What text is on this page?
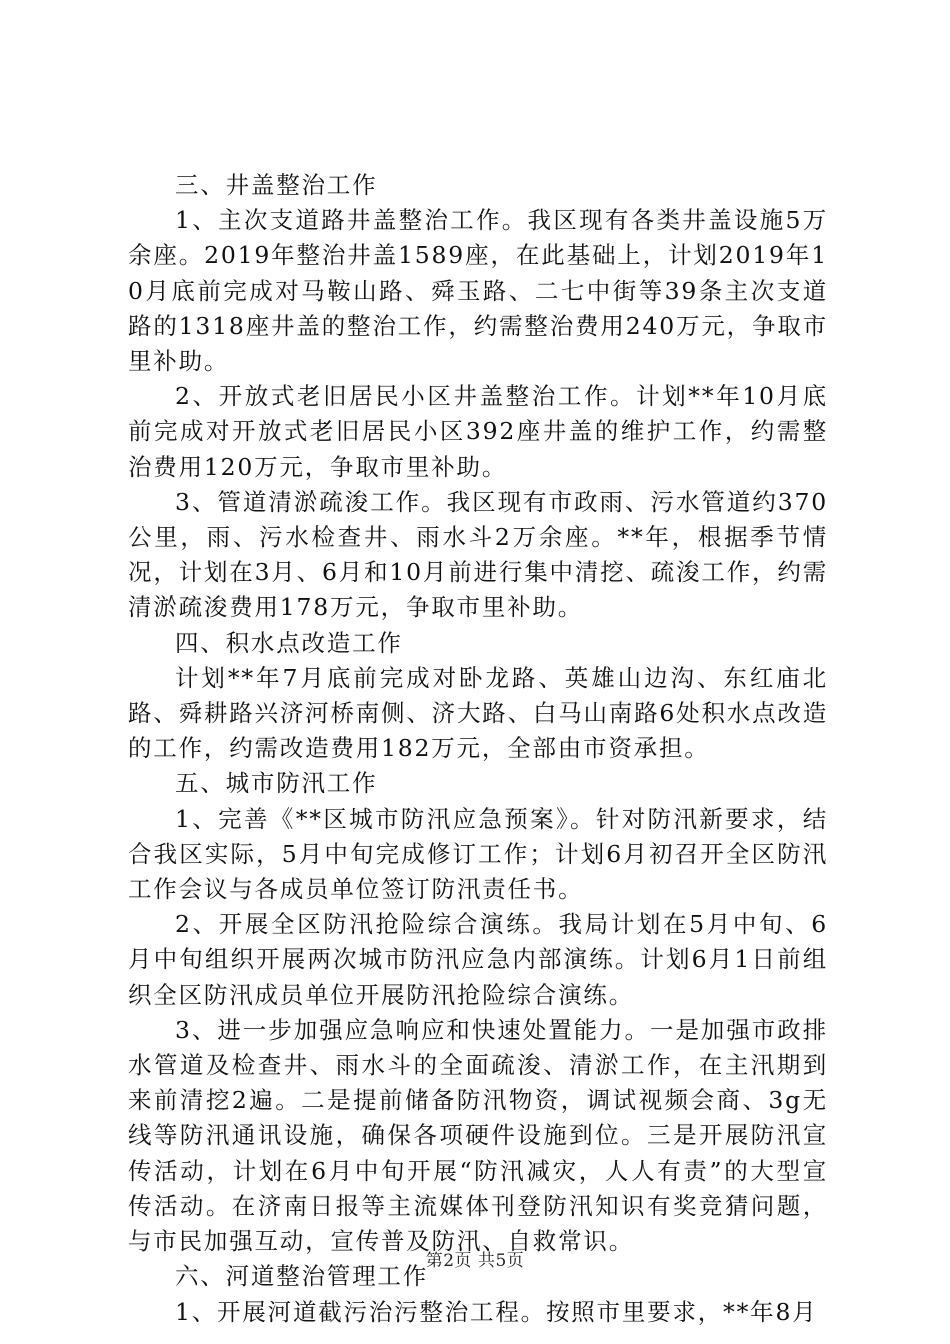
三、井盖整治工作

1、主次支道路井盖整治工作。我区现有各类井盖设施5万余座。2019年整治井盖1589座，在此基础上，计划2019年10月底前完成对马鞍山路、舜玉路、二七中街等39条主次支道路的1318座井盖的整治工作，约需整治费用240万元，争取市里补助。

2、开放式老旧居民小区井盖整治工作。计划**年10月底前完成对开放式老旧居民小区392座井盖的维护工作，约需整治费用120万元，争取市里补助。

3、管道清淤疏浚工作。我区现有市政雨、污水管道约370公里，雨、污水检查井、雨水斗2万余座。**年，根据季节情况，计划在3月、6月和10月前进行集中清挖、疏浚工作，约需清淤疏浚费用178万元，争取市里补助。

四、积水点改造工作

计划**年7月底前完成对卧龙路、英雄山边沟、东红庙北路、舜耕路兴济河桥南侧、济大路、白马山南路6处积水点改造的工作，约需改造费用182万元，全部由市资承担。

五、城市防汛工作

1、完善《**区城市防汛应急预案》。针对防汛新要求，结合我区实际，5月中旬完成修订工作；计划6月初召开全区防汛工作会议与各成员单位签订防汛责任书。

2、开展全区防汛抢险综合演练。我局计划在5月中旬、6月中旬组织开展两次城市防汛应急内部演练。计划6月1日前组织全区防汛成员单位开展防汛抢险综合演练。

3、进一步加强应急响应和快速处置能力。一是加强市政排水管道及检查井、雨水斗的全面疏浚、清淤工作，在主汛期到来前清挖2遍。二是提前储备防汛物资，调试视频会商、3g无线等防汛通讯设施，确保各项硬件设施到位。三是开展防汛宣传活动，计划在6月中旬开展“防汛减灾，人人有责”的大型宣传活动。在济南日报等主流媒体刊登防汛知识有奖竞猜问题，与市民加强互动，宣传普及防汛、自救常识。

六、河道整治管理工作

1、开展河道截污治污整治工程。按照市里要求，**年8月

第2页 共5页
